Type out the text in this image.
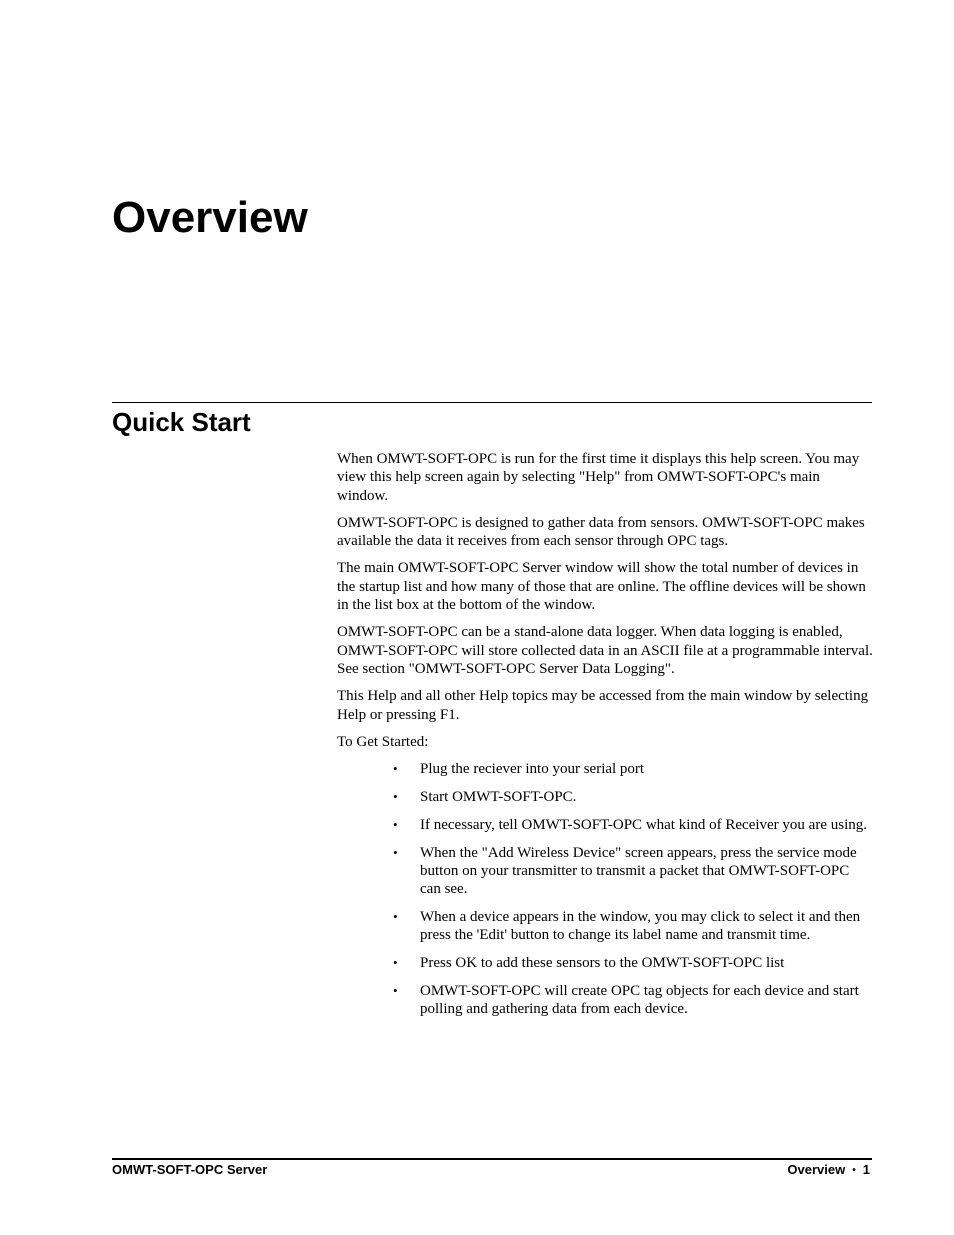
Overview
Quick Start

When OMWT-SOFT-OPC is run for the first time it displays this help screen. You may view this help screen again by selecting "Help" from OMWT-SOFT-OPC's main window.

OMWT-SOFT-OPC is designed to gather data from sensors. OMWT-SOFT-OPC makes available the data it receives from each sensor through OPC tags.

The main OMWT-SOFT-OPC Server window will show the total number of devices in the startup list and how many of those that are online. The offline devices will be shown in the list box at the bottom of the window.

OMWT-SOFT-OPC can be a stand-alone data logger. When data logging is enabled, OMWT-SOFT-OPC will store collected data in an ASCII file at a programmable interval. See section "OMWT-SOFT-OPC Server Data Logging".

This Help and all other Help topics may be accessed from the main window by selecting Help or pressing F1.

To Get Started:

• Plug the reciever into your serial port
• Start OMWT-SOFT-OPC.
• If necessary, tell OMWT-SOFT-OPC what kind of Receiver you are using.
• When the "Add Wireless Device" screen appears, press the service mode button on your transmitter to transmit a packet that OMWT-SOFT-OPC can see.
• When a device appears in the window, you may click to select it and then press the 'Edit' button to change its label name and transmit time.
• Press OK to add these sensors to the OMWT-SOFT-OPC list
• OMWT-SOFT-OPC will create OPC tag objects for each device and start polling and gathering data from each device.
OMWT-SOFT-OPC Server	Overview • 1
